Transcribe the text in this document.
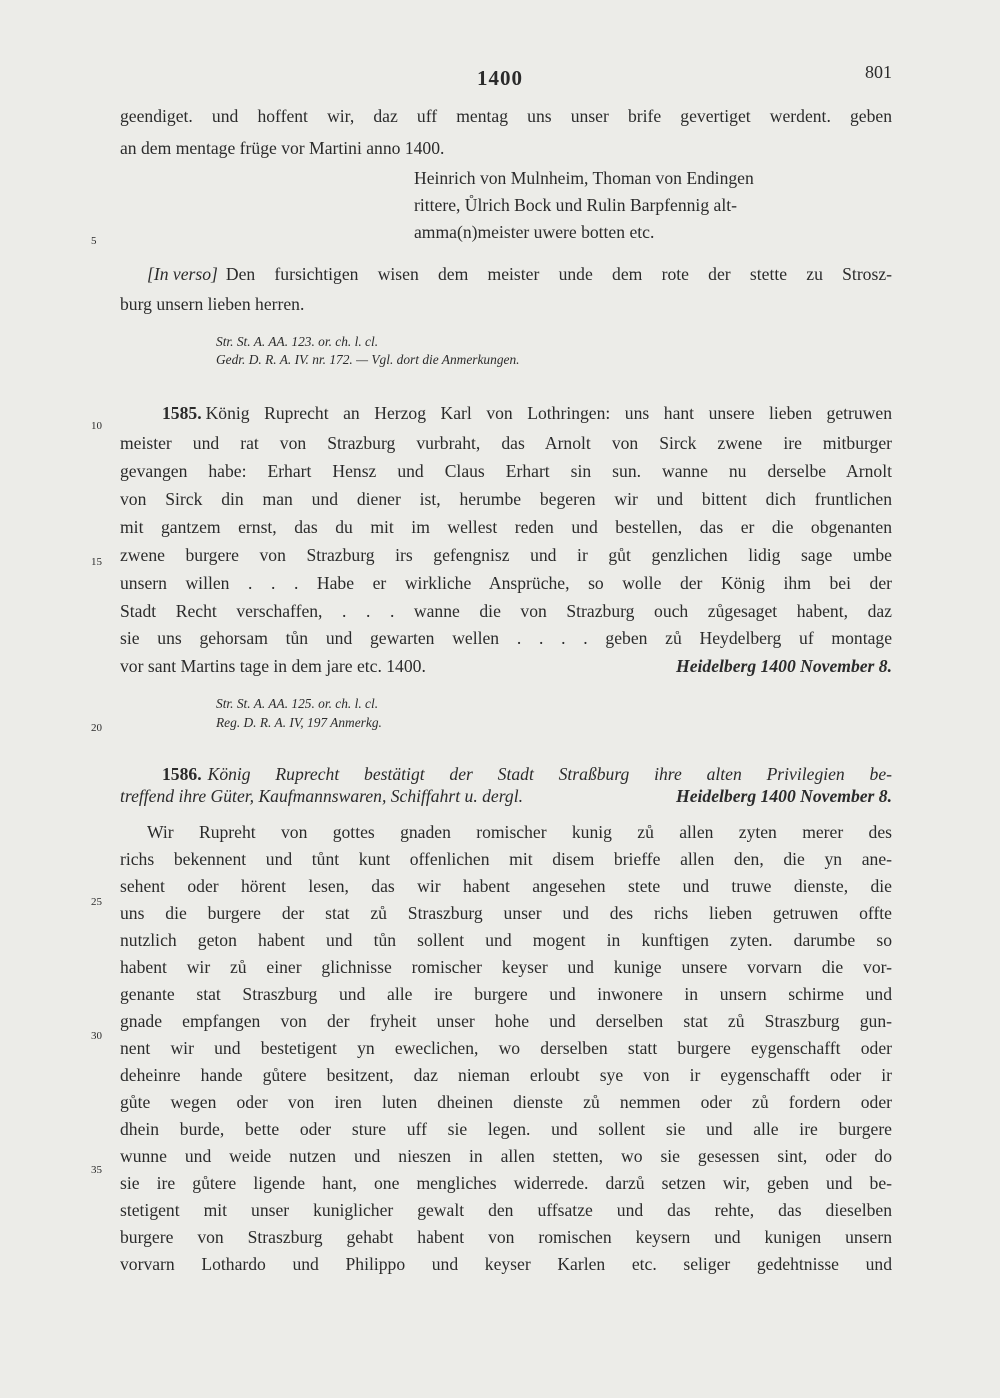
1400	801
5
10
15
20
25
30
35
geendiget. und hoffent wir, daz uff mentag uns unser brife gevertiget werdent. geben
an dem mentage früge vor Martini anno 1400.
Heinrich von Mulnheim, Thoman von Endingen
rittere, Ůlrich Bock und Rulin Barpfennig alt-
amma(n)meister uwere botten etc.
[In verso] Den fursichtigen wisen dem meister unde dem rote der stette zu Strosz-
burg unsern lieben herren.
Str. St. A. AA. 123. or. ch. l. cl.
Gedr. D. R. A. IV. nr. 172. — Vgl. dort die Anmerkungen.
1585. König Ruprecht an Herzog Karl von Lothringen: uns hant unsere lieben getruwen
meister und rat von Strazburg vurbraht, das Arnolt von Sirck zwene ire mitburger
gevangen habe: Erhart Hensz und Claus Erhart sin sun. wanne nu derselbe Arnolt
von Sirck din man und diener ist, herumbe begeren wir und bittent dich fruntlichen
mit gantzem ernst, das du mit im wellest reden und bestellen, das er die obgenanten
zwene burgere von Strazburg irs gefengnisz und ir gůt genzlichen lidig sage umbe
unsern willen . . . Habe er wirkliche Ansprüche, so wolle der König ihm bei der
Stadt Recht verschaffen, . . . wanne die von Strazburg ouch zůgesaget habent, daz
sie uns gehorsam tůn und gewarten wellen . . . . geben zů Heydelberg uf montage
vor sant Martins tage in dem jare etc. 1400.	Heidelberg 1400 November 8.
Str. St. A. AA. 125. or. ch. l. cl.
Reg. D. R. A. IV, 197 Anmerkg.
1586. König Ruprecht bestätigt der Stadt Straßburg ihre alten Privilegien be-
treffend ihre Güter, Kaufmannswaren, Schiffahrt u. dergl.	Heidelberg 1400 November 8.
Wir Rupreht von gottes gnaden romischer kunig zů allen zyten merer des
richs bekennent und tůnt kunt offenlichen mit disem brieffe allen den, die yn ane-
sehent oder hörent lesen, das wir habent angesehen stete und truwe dienste, die
uns die burgere der stat zů Straszburg unser und des richs lieben getruwen offte
nutzlich geton habent und tůn sollent und mogent in kunftigen zyten. darumbe so
habent wir zů einer glichnisse romischer keyser und kunige unsere vorvarn die vor-
genante stat Straszburg und alle ire burgere und inwonere in unsern schirme und
gnade empfangen von der fryheit unser hohe und derselben stat zů Straszburg gun-
nent wir und bestetigent yn eweclichen, wo derselben statt burgere eygenschafft oder
deheinre hande gůtere besitzent, daz nieman erloubt sye von ir eygenschafft oder ir
gůte wegen oder von iren luten dheinen dienste zů nemmen oder zů fordern oder
dhein burde, bette oder sture uff sie legen. und sollent sie und alle ire burgere
wunne und weide nutzen und nieszen in allen stetten, wo sie gesessen sint, oder do
sie ire gůtere ligende hant, one mengliches widerrede. darzů setzen wir, geben und be-
stetigent mit unser kuniglicher gewalt den uffsatze und das rehte, das dieselben
burgere von Straszburg gehabt habent von romischen keysern und kunigen unsern
vorvarn Lothardo und Philippo und keyser Karlen etc. seliger gedehtnisse und
